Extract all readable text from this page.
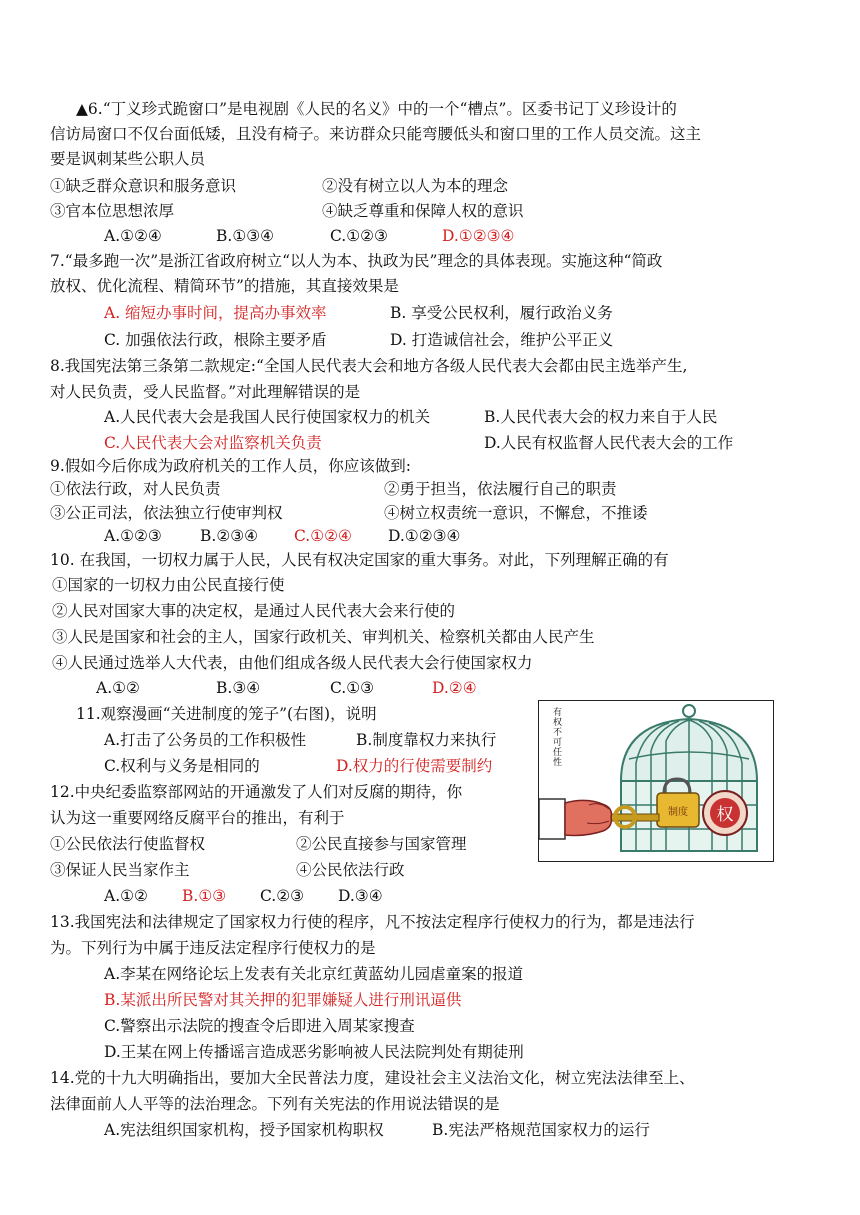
▲6.“丁义珍式跪窗口”是电视剧《人民的名义》中的一个“槽点”。区委书记丁义珍设计的
信访局窗口不仅台面低矮，且没有椅子。来访群众只能弯腰低头和窗口里的工作人员交流。这主
要是讽刺某些公职人员
①缺乏群众意识和服务意识	②没有树立以人为本的理念
③官本位思想浓厚	④缺乏尊重和保障人权的意识
A.①②④	B.①③④	C.①②③	D.①②③④
7.“最多跑一次”是浙江省政府树立“以人为本、执政为民”理念的具体表现。实施这种“简政
放权、优化流程、精简环节”的措施，其直接效果是
A. 缩短办事时间，提高办事效率	B. 享受公民权利，履行政治义务
C. 加强依法行政，根除主要矛盾	D. 打造诚信社会，维护公平正义
8.我国宪法第三条第二款规定:“全国人民代表大会和地方各级人民代表大会都由民主选举产生,
对人民负责，受人民监督。”对此理解错误的是
A.人民代表大会是我国人民行使国家权力的机关	B.人民代表大会的权力来自于人民
C.人民代表大会对监察机关负责	D.人民有权监督人民代表大会的工作
9.假如今后你成为政府机关的工作人员，你应该做到:
①依法行政，对人民负责	②勇于担当，依法履行自己的职责
③公正司法，依法独立行使审判权	④树立权责统一意识，不懈怠，不推诿
A.①②③ B.②③④ C.①②④ D.①②③④
10. 在我国，一切权力属于人民，人民有权决定国家的重大事务。对此，下列理解正确的有
①国家的一切权力由公民直接行使
②人民对国家大事的决定权，是通过人民代表大会来行使的
③人民是国家和社会的主人，国家行政机关、审判机关、检察机关都由人民产生
④人民通过选举人大代表，由他们组成各级人民代表大会行使国家权力
A.①②	B.③④	C.①③	D.②④
11.观察漫画“关进制度的笼子”(右图)，说明
A.打击了公务员的工作积极性	B.制度靠权力来执行
C.权利与义务是相同的	D.权力的行使需要制约	有权不可任性
权
制度
12.中央纪委监察部网站的开通激发了人们对反腐的期待，你
认为这一重要网络反腐平台的推出，有利于
①公民依法行使监督权	②公民直接参与国家管理
③保证人民当家作主	④公民依法行政
A.①② B.①③ C.②③ D.③④
13.我国宪法和法律规定了国家权力行使的程序，凡不按法定程序行使权力的行为，都是违法行
为。下列行为中属于违反法定程序行使权力的是
A.李某在网络论坛上发表有关北京红黄蓝幼儿园虐童案的报道
B.某派出所民警对其关押的犯罪嫌疑人进行刑讯逼供
C.警察出示法院的搜查令后即进入周某家搜查
D.王某在网上传播谣言造成恶劣影响被人民法院判处有期徒刑
14.党的十九大明确指出，要加大全民普法力度，建设社会主义法治文化，树立宪法法律至上、
法律面前人人平等的法治理念。下列有关宪法的作用说法错误的是
A.宪法组织国家机构，授予国家机构职权	B.宪法严格规范国家权力的运行
